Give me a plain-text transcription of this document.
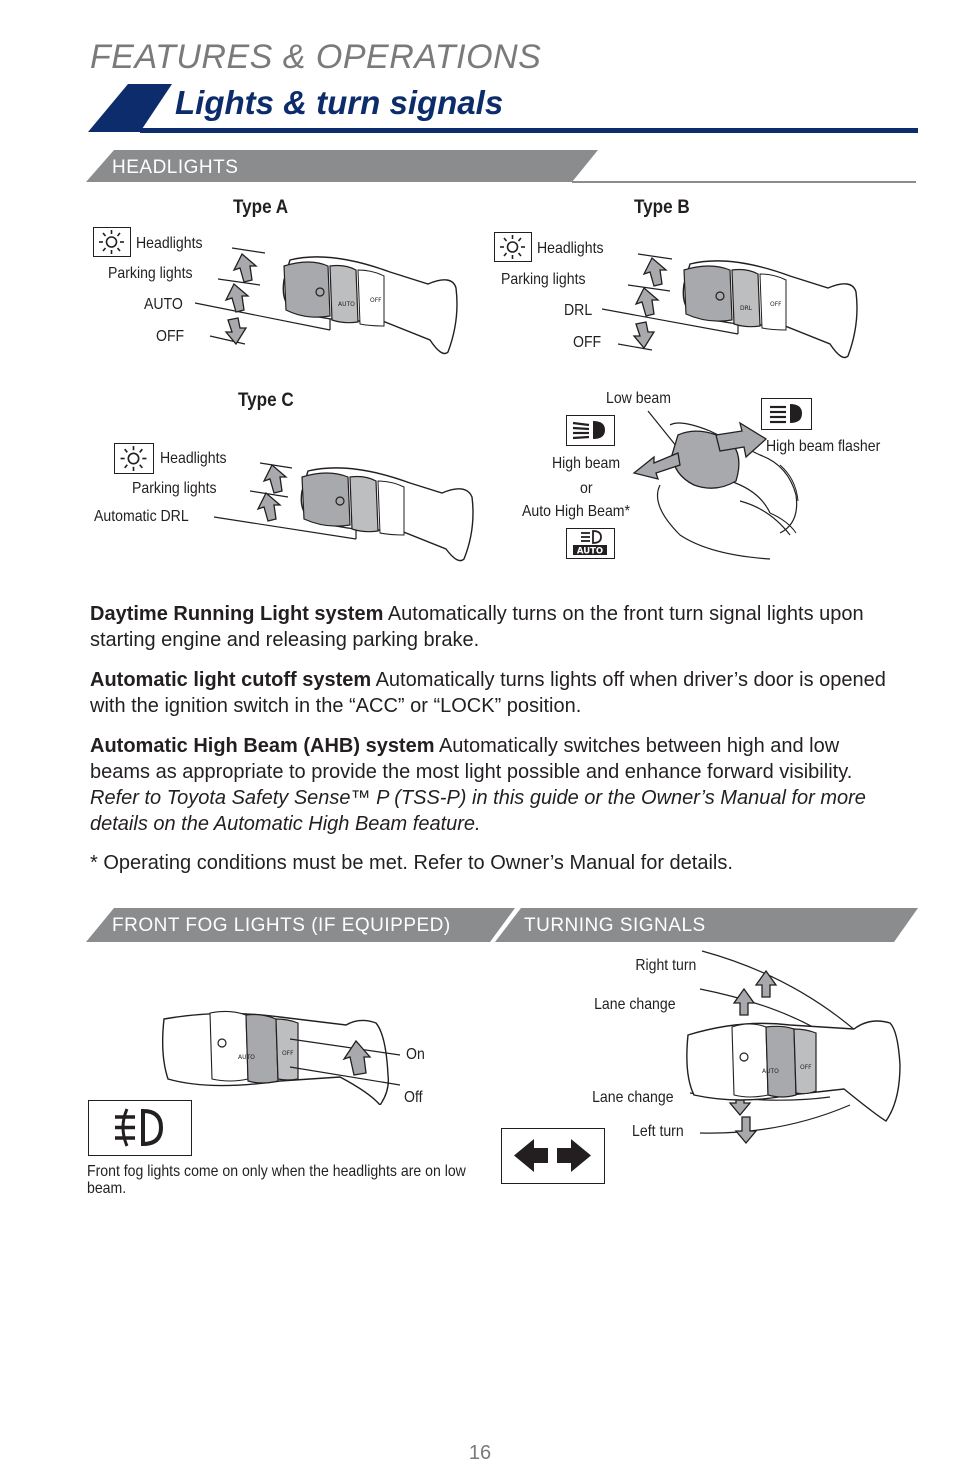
FEATURES & OPERATIONS
Lights & turn signals
HEADLIGHTS
Type A
Headlights
Parking lights
AUTO
OFF
AUTO
OFF
Type B
Headlights
Parking lights
DRL
OFF
DRL
OFF
Type C
Headlights
Parking lights
Automatic DRL
Low beam
High beam flasher
High beam
or
Auto High Beam*
AUTO
Daytime Running Light system Automatically turns on the front turn signal lights upon starting engine and releasing parking brake.
Automatic light cutoff system Automatically turns lights off when driver’s door is opened with the ignition switch in the “ACC” or “LOCK” position.
Automatic High Beam (AHB) system Automatically switches between high and low beams as appropriate to provide the most light possible and enhance forward visibility. Refer to Toyota Safety Sense™ P (TSS-P) in this guide or the Owner’s Manual for more details on the Automatic High Beam feature.
* Operating conditions must be met. Refer to Owner’s Manual for details.
FRONT FOG LIGHTS (IF EQUIPPED)	TURNING SIGNALS
AUTO
OFF	On
Off
Front fog lights come on only when the headlights are on low beam.
Right turn
Lane change
Lane change
Left turn
AUTO
OFF
16
